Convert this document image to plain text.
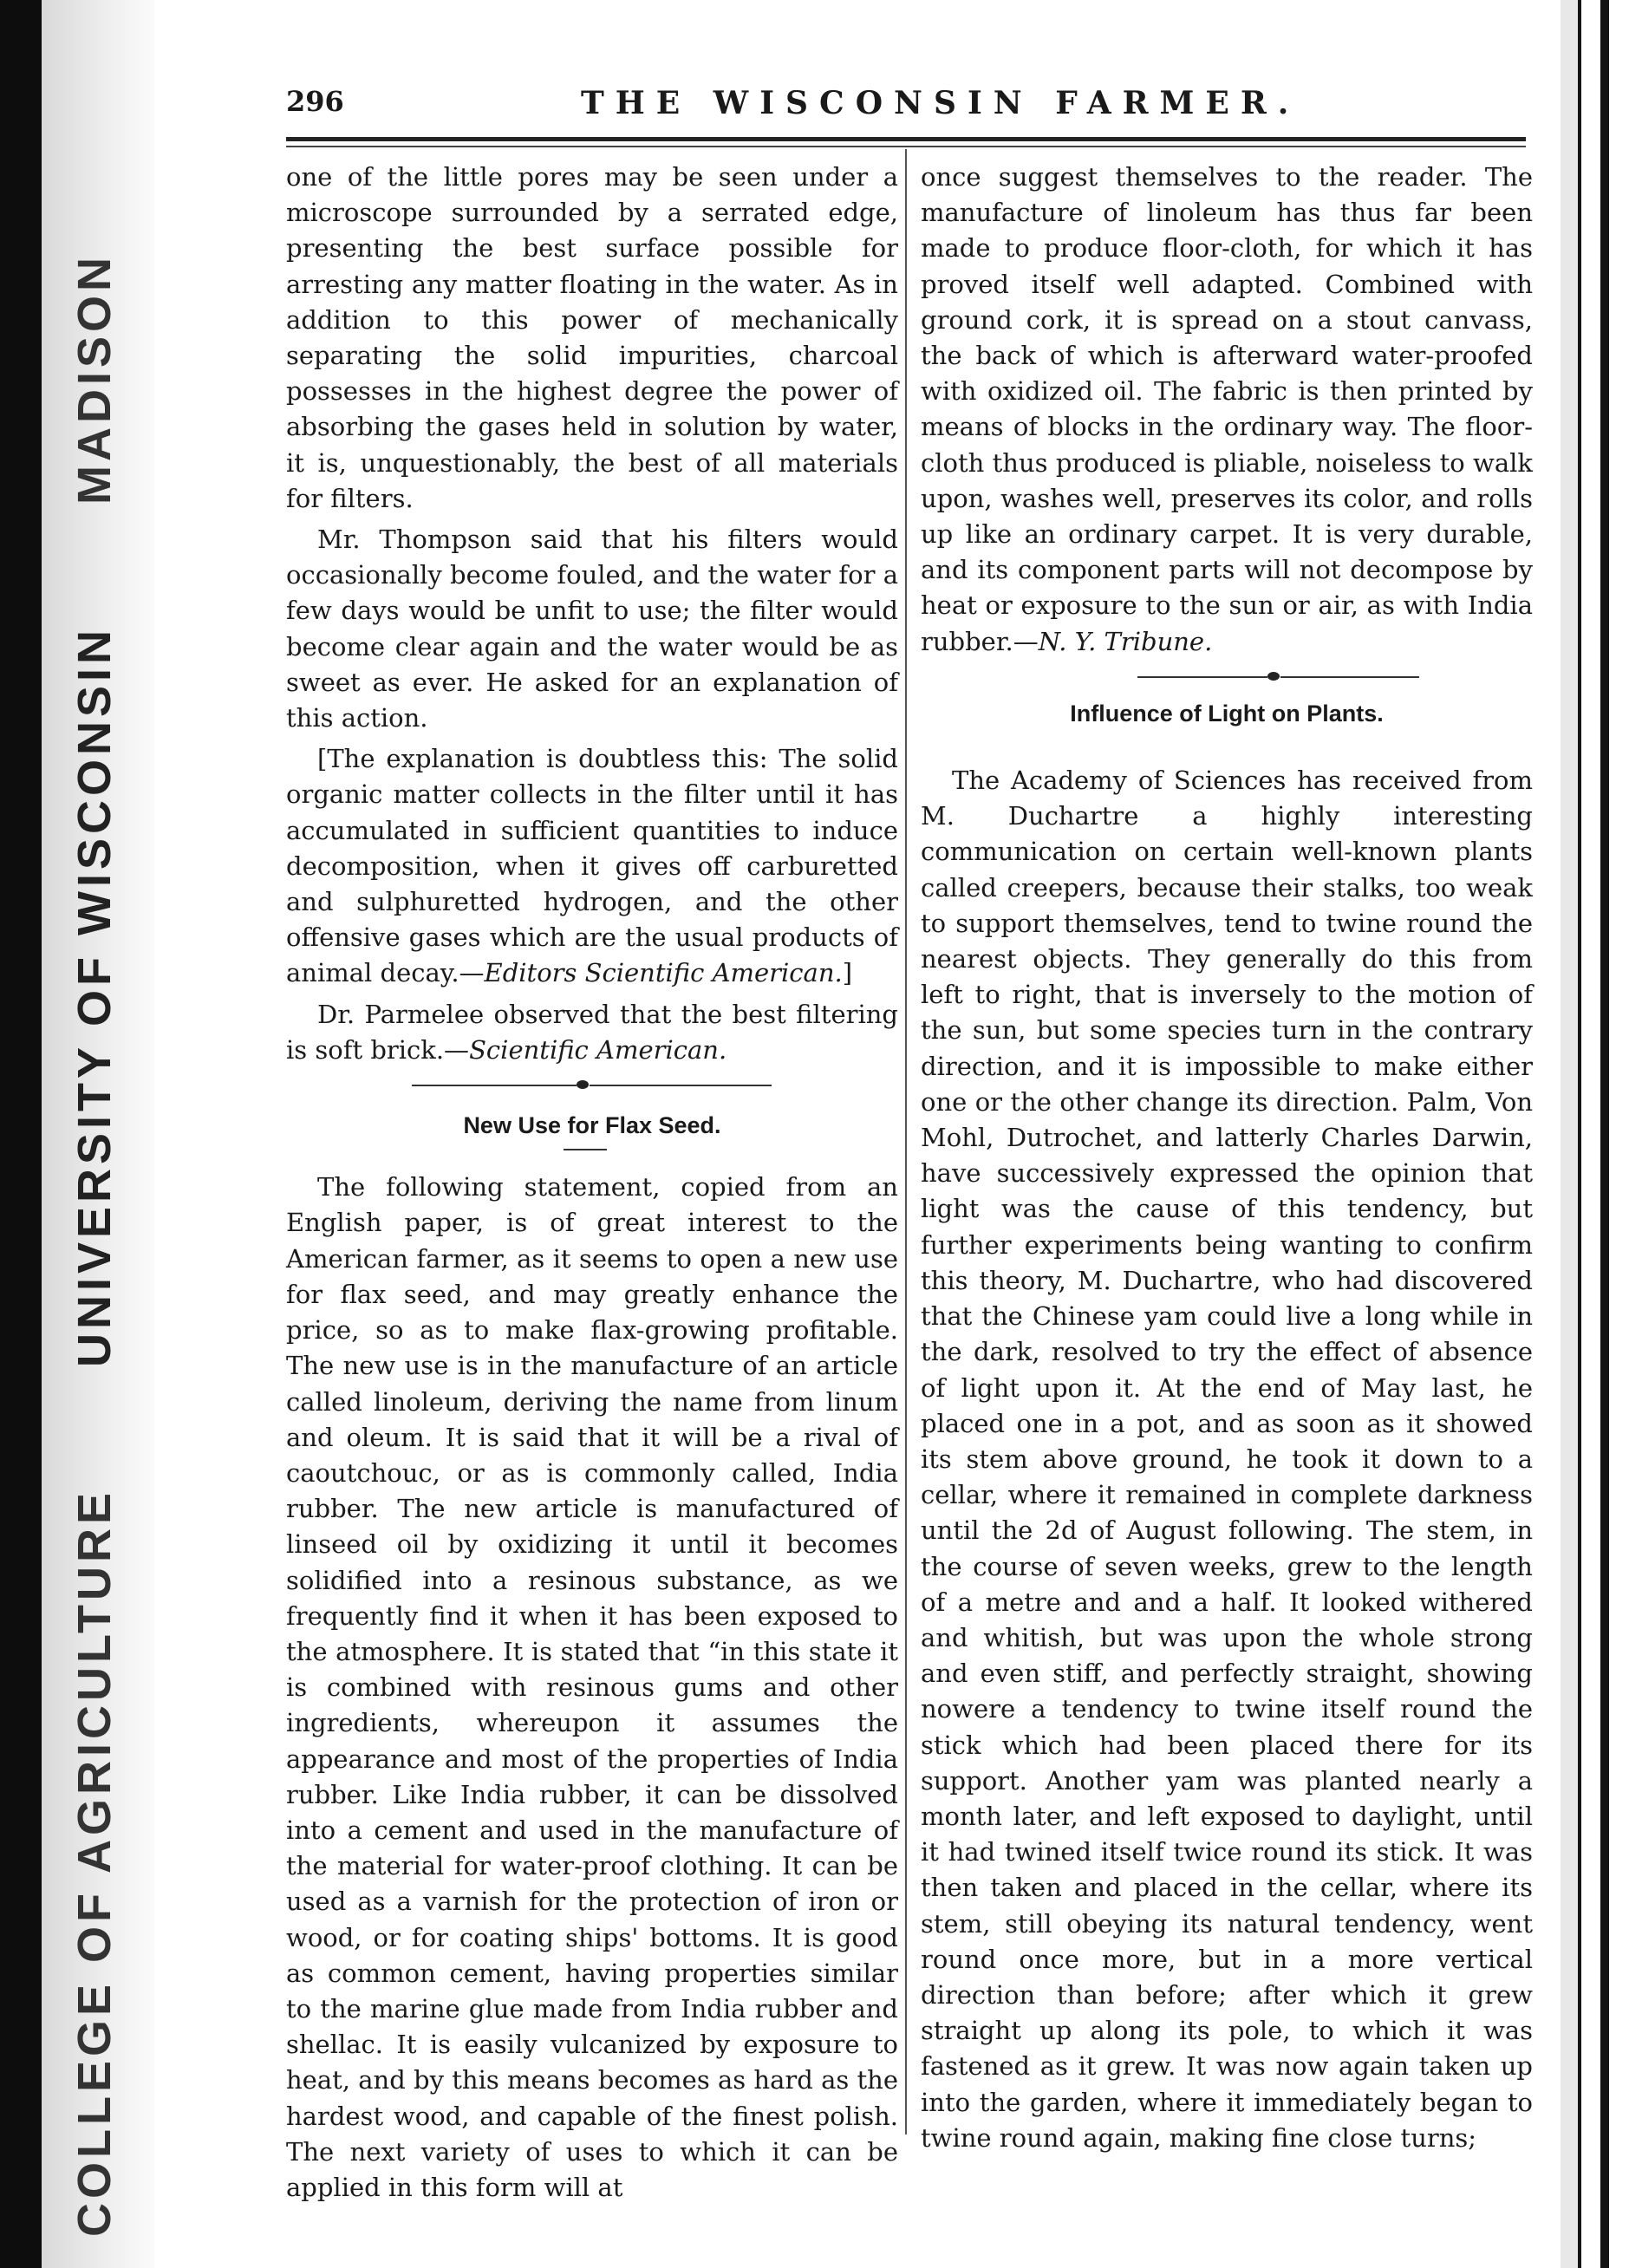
COLLEGE OF AGRICULTURE
UNIVERSITY OF WISCONSIN
MADISON
296	THE WISCONSIN FARMER.

one of the little pores may be seen under a microscope surrounded by a serrated edge, presenting the best surface possible for arresting any matter floating in the water. As in addition to this power of mechanically separating the solid impurities, charcoal possesses in the highest degree the power of absorbing the gases held in solution by water, it is, unquestionably, the best of all materials for filters.

Mr. Thompson said that his filters would occasionally become fouled, and the water for a few days would be unfit to use; the filter would become clear again and the water would be as sweet as ever. He asked for an explanation of this action.

[The explanation is doubtless this: The solid organic matter collects in the filter until it has accumulated in sufficient quantities to induce decomposition, when it gives off carburetted and sulphuretted hydrogen, and the other offensive gases which are the usual products of animal decay.—Editors Scientific American.]

Dr. Parmelee observed that the best filtering is soft brick.—Scientific American.

New Use for Flax Seed.

The following statement, copied from an English paper, is of great interest to the American farmer, as it seems to open a new use for flax seed, and may greatly enhance the price, so as to make flax-growing profitable. The new use is in the manufacture of an article called linoleum, deriving the name from linum and oleum. It is said that it will be a rival of caoutchouc, or as is commonly called, India rubber. The new article is manufactured of linseed oil by oxidizing it until it becomes solidified into a resinous substance, as we frequently find it when it has been exposed to the atmosphere. It is stated that “in this state it is combined with resinous gums and other ingredients, whereupon it assumes the appearance and most of the properties of India rubber. Like India rubber, it can be dissolved into a cement and used in the manufacture of the material for water-proof clothing. It can be used as a varnish for the protection of iron or wood, or for coating ships' bottoms. It is good as common cement, having properties similar to the marine glue made from India rubber and shellac. It is easily vulcanized by exposure to heat, and by this means becomes as hard as the hardest wood, and capable of the finest polish. The next variety of uses to which it can be applied in this form will at

once suggest themselves to the reader. The manufacture of linoleum has thus far been made to produce floor-cloth, for which it has proved itself well adapted. Combined with ground cork, it is spread on a stout canvass, the back of which is afterward water-proofed with oxidized oil. The fabric is then printed by means of blocks in the ordinary way. The floor-cloth thus produced is pliable, noiseless to walk upon, washes well, preserves its color, and rolls up like an ordinary carpet. It is very durable, and its component parts will not decompose by heat or exposure to the sun or air, as with India rubber.—N. Y. Tribune.

Influence of Light on Plants.

The Academy of Sciences has received from M. Duchartre a highly interesting communication on certain well-known plants called creepers, because their stalks, too weak to support themselves, tend to twine round the nearest objects. They generally do this from left to right, that is inversely to the motion of the sun, but some species turn in the contrary direction, and it is impossible to make either one or the other change its direction. Palm, Von Mohl, Dutrochet, and latterly Charles Darwin, have successively expressed the opinion that light was the cause of this tendency, but further experiments being wanting to confirm this theory, M. Duchartre, who had discovered that the Chinese yam could live a long while in the dark, resolved to try the effect of absence of light upon it. At the end of May last, he placed one in a pot, and as soon as it showed its stem above ground, he took it down to a cellar, where it remained in complete darkness until the 2d of August following. The stem, in the course of seven weeks, grew to the length of a metre and and a half. It looked withered and whitish, but was upon the whole strong and even stiff, and perfectly straight, showing nowere a tendency to twine itself round the stick which had been placed there for its support. Another yam was planted nearly a month later, and left exposed to daylight, until it had twined itself twice round its stick. It was then taken and placed in the cellar, where its stem, still obeying its natural tendency, went round once more, but in a more vertical direction than before; after which it grew straight up along its pole, to which it was fastened as it grew. It was now again taken up into the garden, where it immediately began to twine round again, making fine close turns;
